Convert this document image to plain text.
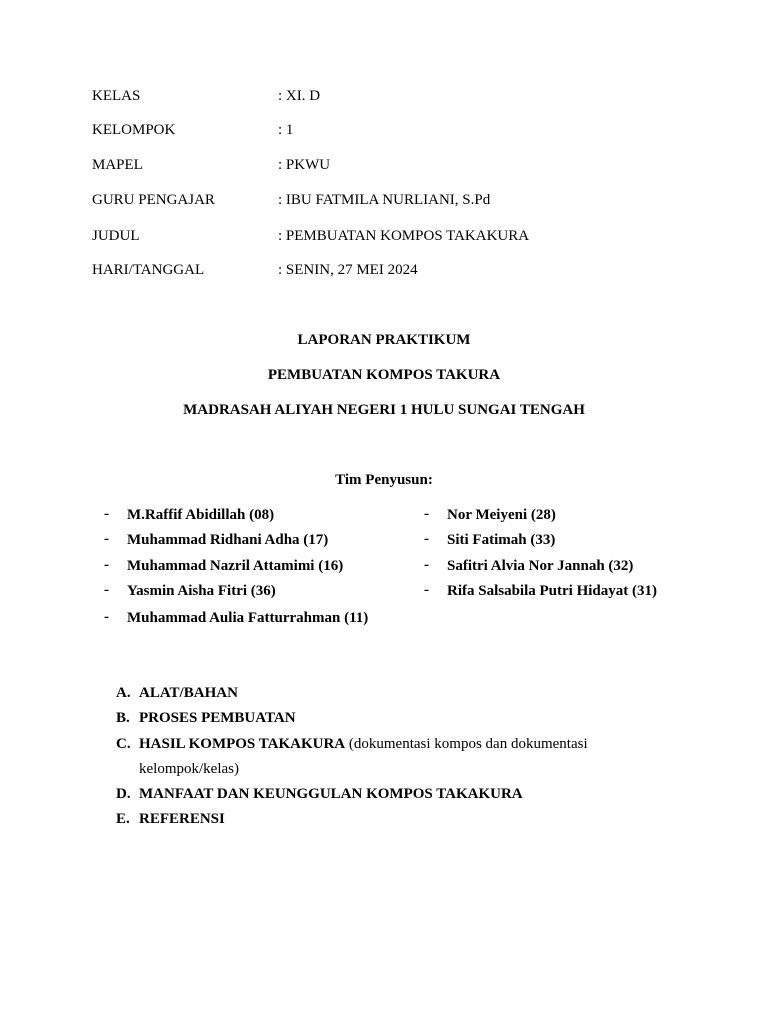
KELAS	: XI. D
KELOMPOK	: 1
MAPEL	: PKWU
GURU PENGAJAR	: IBU FATMILA NURLIANI, S.Pd
JUDUL	: PEMBUATAN KOMPOS TAKAKURA
HARI/TANGGAL	: SENIN, 27 MEI 2024
LAPORAN PRAKTIKUM
PEMBUATAN KOMPOS TAKURA
MADRASAH ALIYAH NEGERI 1 HULU SUNGAI TENGAH
Tim Penyusun:
- M.Raffif Abidillah (08)
- Muhammad Ridhani Adha (17)
- Muhammad Nazril Attamimi (16)
- Yasmin Aisha Fitri (36)
- Muhammad Aulia Fatturrahman (11)
- Nor Meiyeni (28)
- Siti Fatimah (33)
- Safitri Alvia Nor Jannah (32)
- Rifa Salsabila Putri Hidayat (31)
A. ALAT/BAHAN
B. PROSES PEMBUATAN
C. HASIL KOMPOS TAKAKURA (dokumentasi kompos dan dokumentasi
kelompok/kelas)
D. MANFAAT DAN KEUNGGULAN KOMPOS TAKAKURA
E. REFERENSI
